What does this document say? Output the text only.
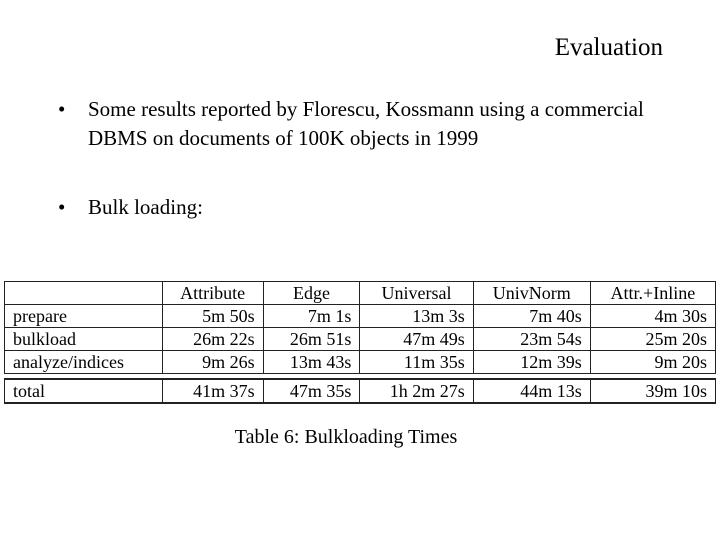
Evaluation
• Some results reported by Florescu, Kossmann using a commercial DBMS on documents of 100K objects in 1999
• Bulk loading:
	Attribute	Edge	Universal	UnivNorm	Attr.+Inline
prepare	5m 50s	7m 1s	13m 3s	7m 40s	4m 30s
bulkload	26m 22s	26m 51s	47m 49s	23m 54s	25m 20s
analyze/indices	9m 26s	13m 43s	11m 35s	12m 39s	9m 20s

total	41m 37s	47m 35s	1h 2m 27s	44m 13s	39m 10s
Table 6: Bulkloading Times
